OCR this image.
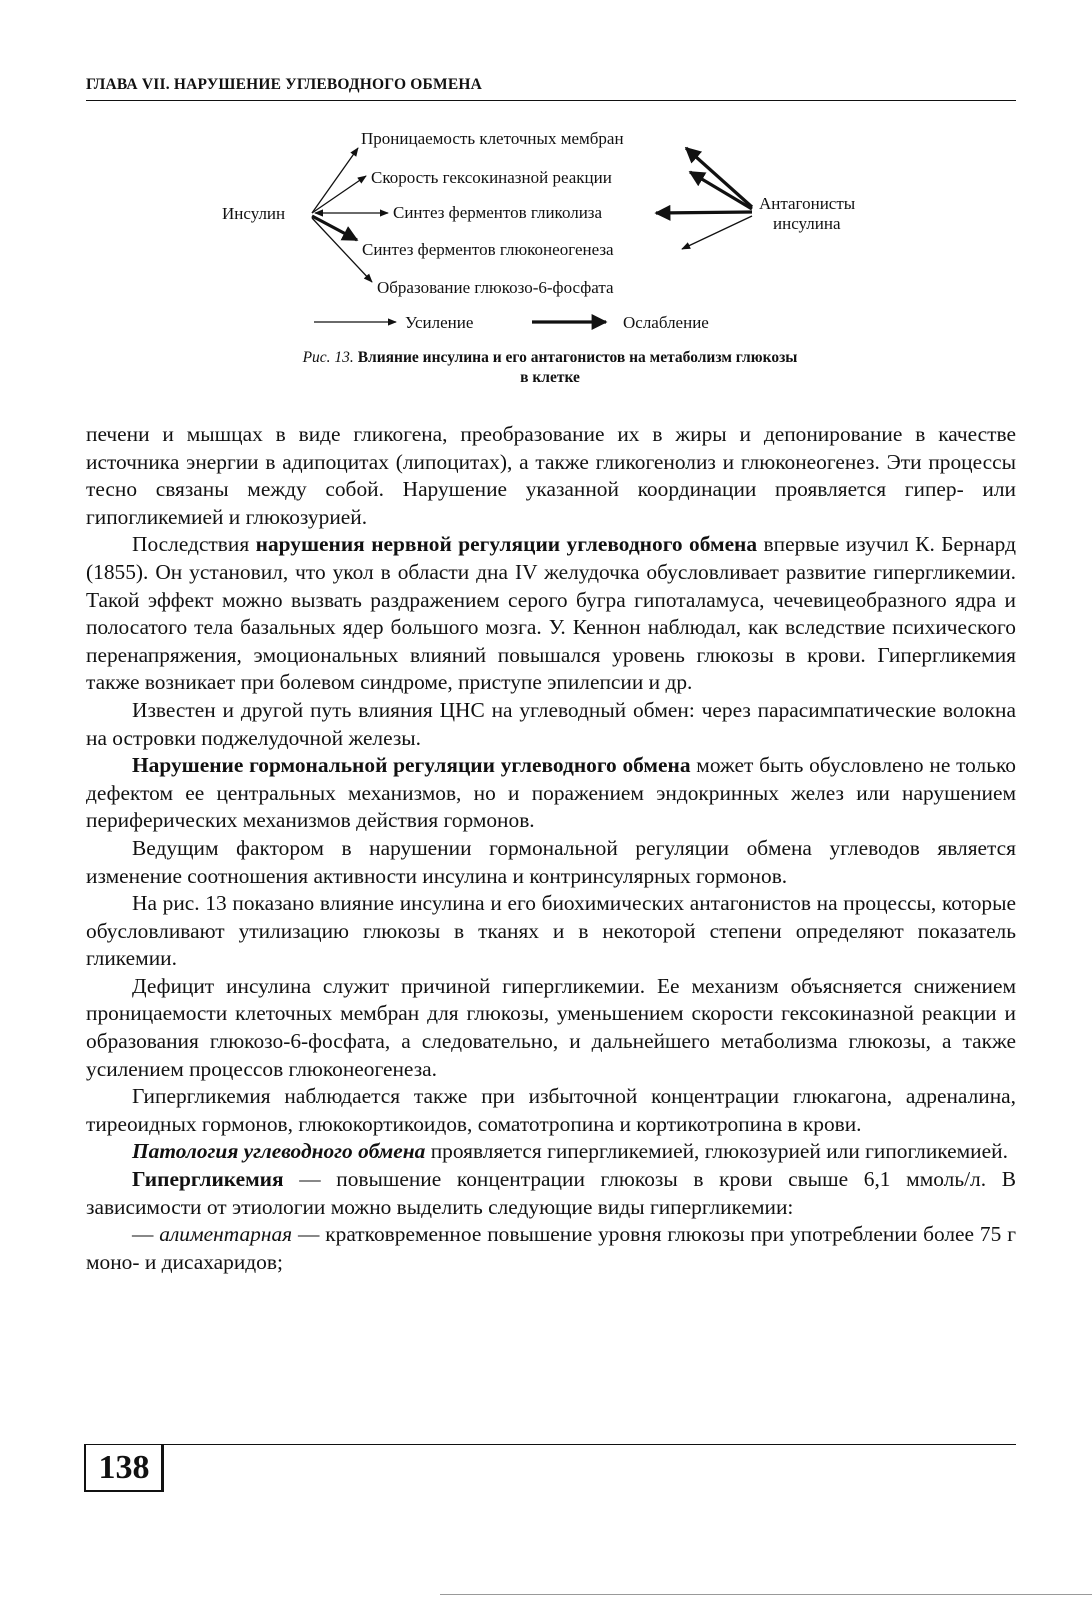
ГЛАВА VII. НАРУШЕНИЕ УГЛЕВОДНОГО ОБМЕНА
Инсулин
Антагонисты
инсулина
Проницаемость клеточных мембран
Скорость гексокиназной реакции
Синтез ферментов гликолиза
Синтез ферментов глюконеогенеза
Образование глюкозо-6-фосфата
Усиление	Ослабление
Рис. 13. Влияние инсулина и его антагонистов на метаболизм глюкозы
в клетке

печени и мышцах в виде гликогена, преобразование их в жиры и депонирование в качестве источника энергии в адипоцитах (липоцитах), а также гликогенолиз и глюконеогенез. Эти процессы тесно связаны между собой. Нарушение указанной координации проявляется гипер- или гипогликемией и глюкозурией.

Последствия нарушения нервной регуляции углеводного обмена впервые изучил К. Бернард (1855). Он установил, что укол в области дна IV желудочка обусловливает развитие гипергликемии. Такой эффект можно вызвать раздражением серого бугра гипоталамуса, чечевицеобразного ядра и полосатого тела базальных ядер большого мозга. У. Кеннон наблюдал, как вследствие психического перенапряжения, эмоциональных влияний повышался уровень глюкозы в крови. Гипергликемия также возникает при болевом синдроме, приступе эпилепсии и др.

Известен и другой путь влияния ЦНС на углеводный обмен: через парасимпатические волокна на островки поджелудочной железы.

Нарушение гормональной регуляции углеводного обмена может быть обусловлено не только дефектом ее центральных механизмов, но и поражением эндокринных желез или нарушением периферических механизмов действия гормонов.

Ведущим фактором в нарушении гормональной регуляции обмена углеводов является изменение соотношения активности инсулина и контринсулярных гормонов.

На рис. 13 показано влияние инсулина и его биохимических антагонистов на процессы, которые обусловливают утилизацию глюкозы в тканях и в некоторой степени определяют показатель гликемии.

Дефицит инсулина служит причиной гипергликемии. Ее механизм объясняется снижением проницаемости клеточных мембран для глюкозы, уменьшением скорости гексокиназной реакции и образования глюкозо-6-фосфата, а следовательно, и дальнейшего метаболизма глюкозы, а также усилением процессов глюконеогенеза.

Гипергликемия наблюдается также при избыточной концентрации глюкагона, адреналина, тиреоидных гормонов, глюкокортикоидов, соматотропина и кортикотропина в крови.

Патология углеводного обмена проявляется гипергликемией, глюкозурией или гипогликемией.

Гипергликемия — повышение концентрации глюкозы в крови свыше 6,1 ммоль/л. В зависимости от этиологии можно выделить следующие виды гипергликемии:

— алиментарная — кратковременное повышение уровня глюкозы при употреблении более 75 г моно- и дисахаридов;

138
